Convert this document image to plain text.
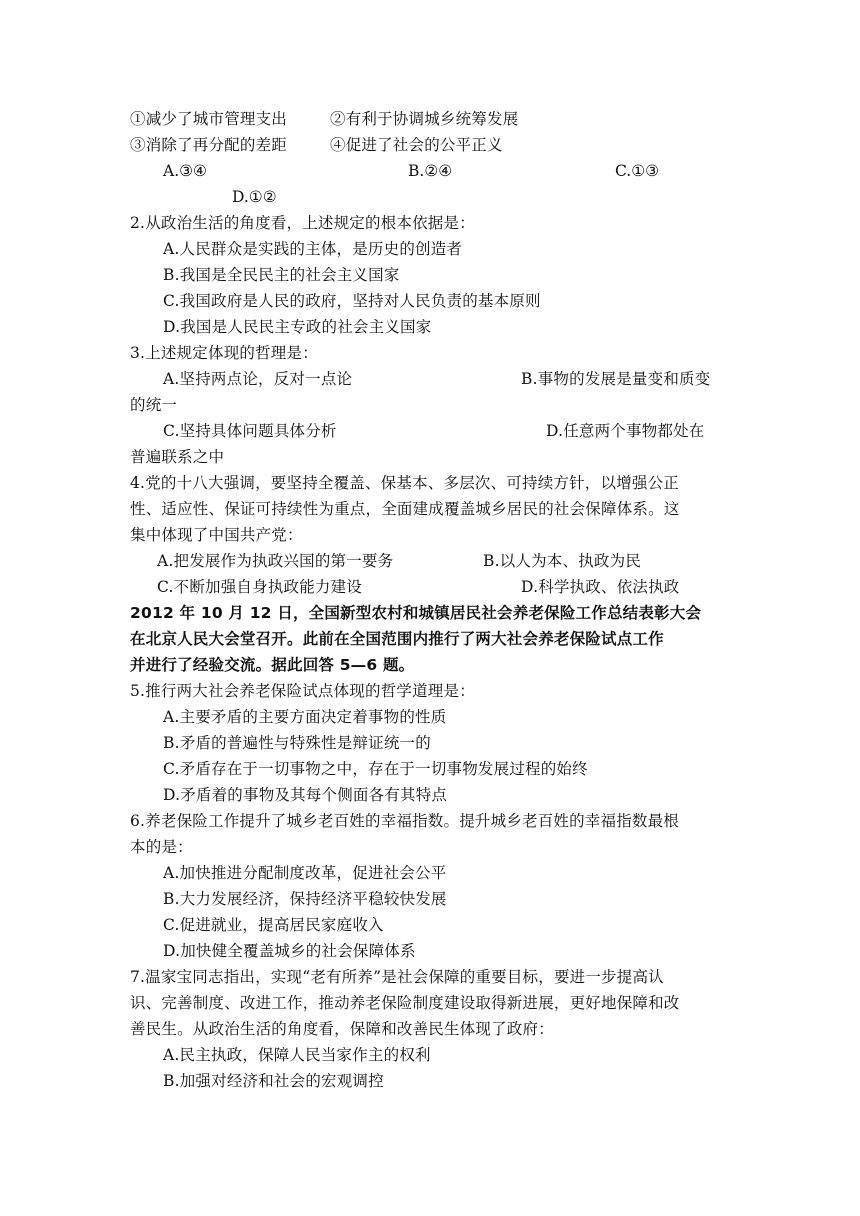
①减少了城市管理支出	②有利于协调城乡统筹发展
③消除了再分配的差距	④促进了社会的公平正义
A.③④	B.②④	C.①③
D.①②
2.从政治生活的角度看，上述规定的根本依据是：
A.人民群众是实践的主体，是历史的创造者
B.我国是全民民主的社会主义国家
C.我国政府是人民的政府，坚持对人民负责的基本原则
D.我国是人民民主专政的社会主义国家
3.上述规定体现的哲理是：
A.坚持两点论，反对一点论	B.事物的发展是量变和质变
的统一
C.坚持具体问题具体分析	D.任意两个事物都处在
普遍联系之中
4.党的十八大强调，要坚持全覆盖、保基本、多层次、可持续方针，以增强公正
性、适应性、保证可持续性为重点，全面建成覆盖城乡居民的社会保障体系。这
集中体现了中国共产党：
A.把发展作为执政兴国的第一要务	B.以人为本、执政为民
C.不断加强自身执政能力建设	D.科学执政、依法执政
2012 年 10 月 12 日，全国新型农村和城镇居民社会养老保险工作总结表彰大会
在北京人民大会堂召开。此前在全国范围内推行了两大社会养老保险试点工作
并进行了经验交流。据此回答 5—6 题。
5.推行两大社会养老保险试点体现的哲学道理是：
A.主要矛盾的主要方面决定着事物的性质
B.矛盾的普遍性与特殊性是辩证统一的
C.矛盾存在于一切事物之中，存在于一切事物发展过程的始终
D.矛盾着的事物及其每个侧面各有其特点
6.养老保险工作提升了城乡老百姓的幸福指数。提升城乡老百姓的幸福指数最根
本的是：
A.加快推进分配制度改革，促进社会公平
B.大力发展经济，保持经济平稳较快发展
C.促进就业，提高居民家庭收入
D.加快健全覆盖城乡的社会保障体系
7.温家宝同志指出，实现“老有所养”是社会保障的重要目标，要进一步提高认
识、完善制度、改进工作，推动养老保险制度建设取得新进展，更好地保障和改
善民生。从政治生活的角度看，保障和改善民生体现了政府：
A.民主执政，保障人民当家作主的权利
B.加强对经济和社会的宏观调控
